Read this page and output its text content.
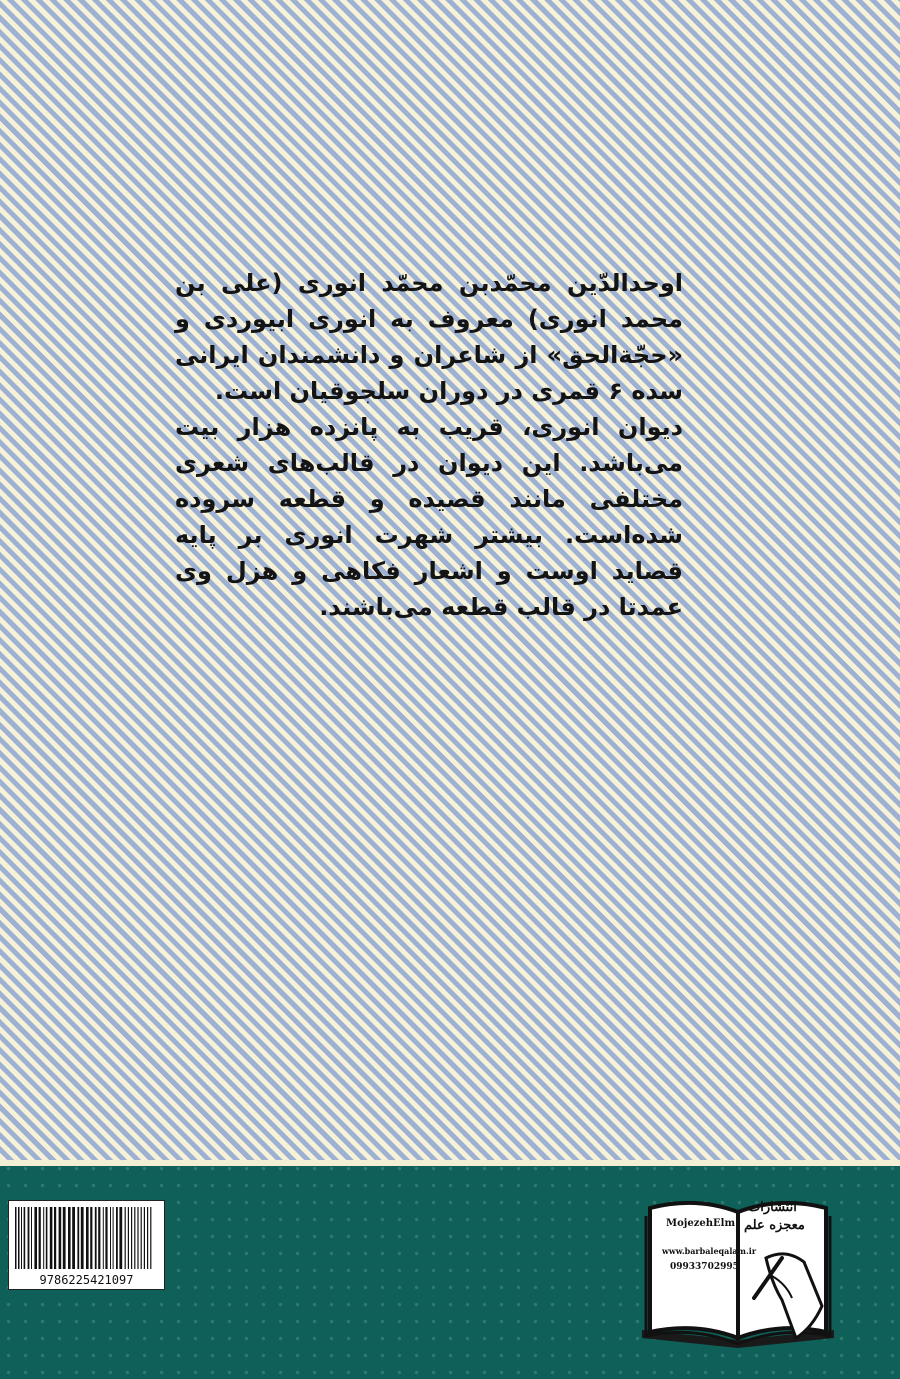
اوحدالدّین محمّدبن محمّد انوری (علی بن محمد انوری) معروف به انوری ابیوردی و «حجّةالحق» از شاعران و دانشمندان ایرانی سده ۶ قمری در دوران سلجوقیان است.

دیوان انوری، قریب به پانزده هزار بیت می‌باشد. این دیوان در قالب‌های شعری مختلفی مانند قصیده و قطعه سروده شده‌است. بیشتر شهرت انوری بر پایه قصاید اوست و اشعار فکاهی و هزل وی عمدتا در قالب قطعه می‌باشند.

9786225421097
انتشارات
معجزه علم
MojezehElm
www.barbaleqalam.ir
09933702995
